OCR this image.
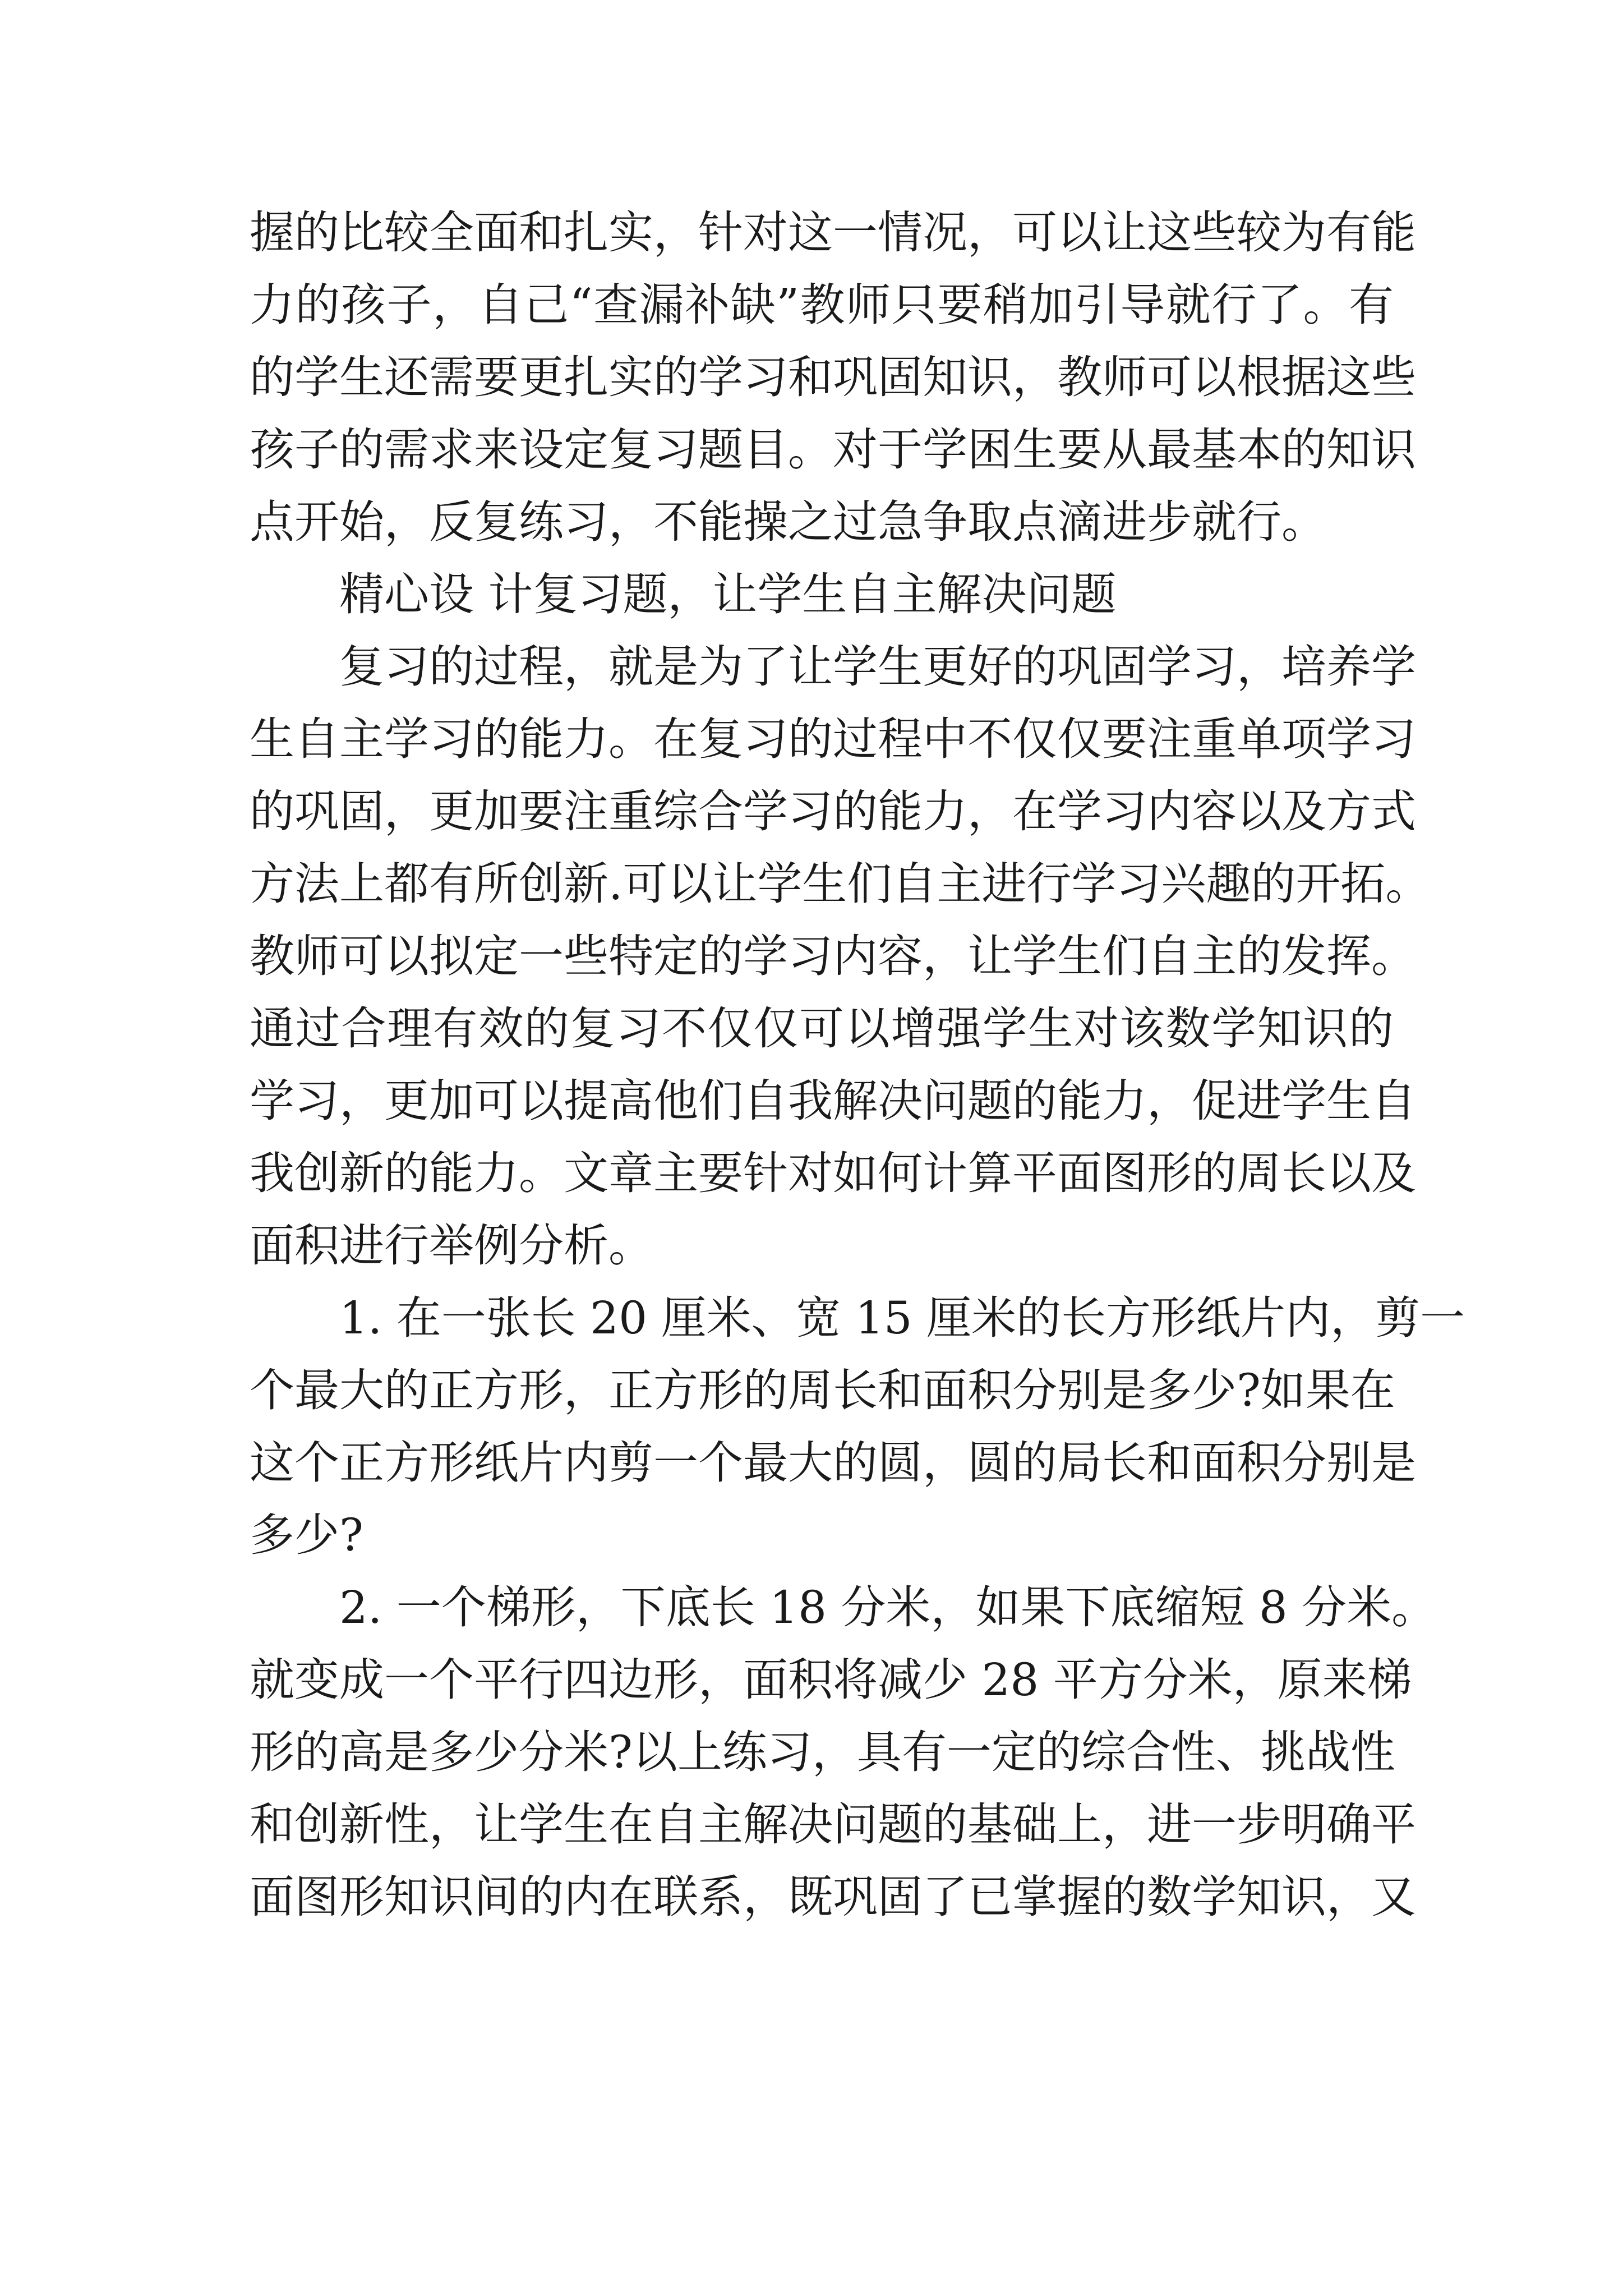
握的比较全面和扎实，针对这一情况，可以让这些较为有能
力的孩子，自己“查漏补缺”教师只要稍加引导就行了。有
的学生还需要更扎实的学习和巩固知识，教师可以根据这些
孩子的需求来设定复习题目。对于学困生要从最基本的知识
点开始，反复练习，不能操之过急争取点滴进步就行。
精心设 计复习题，让学生自主解决问题
复习的过程，就是为了让学生更好的巩固学习，培养学
生自主学习的能力。在复习的过程中不仅仅要注重单项学习
的巩固，更加要注重综合学习的能力，在学习内容以及方式
方法上都有所创新.可以让学生们自主进行学习兴趣的开拓。
教师可以拟定一些特定的学习内容，让学生们自主的发挥。
通过合理有效的复习不仅仅可以增强学生对该数学知识的
学习，更加可以提高他们自我解决问题的能力，促进学生自
我创新的能力。文章主要针对如何计算平面图形的周长以及
面积进行举例分析。
1. 在一张长 20 厘米、宽 15 厘米的长方形纸片内，剪一
个最大的正方形，正方形的周长和面积分别是多少?如果在
这个正方形纸片内剪一个最大的圆，圆的局长和面积分别是
多少?
2. 一个梯形，下底长 18 分米，如果下底缩短 8 分米。
就变成一个平行四边形，面积将减少 28 平方分米，原来梯
形的高是多少分米?以上练习，具有一定的综合性、挑战性
和创新性，让学生在自主解决问题的基础上，进一步明确平
面图形知识间的内在联系，既巩固了已掌握的数学知识，又
